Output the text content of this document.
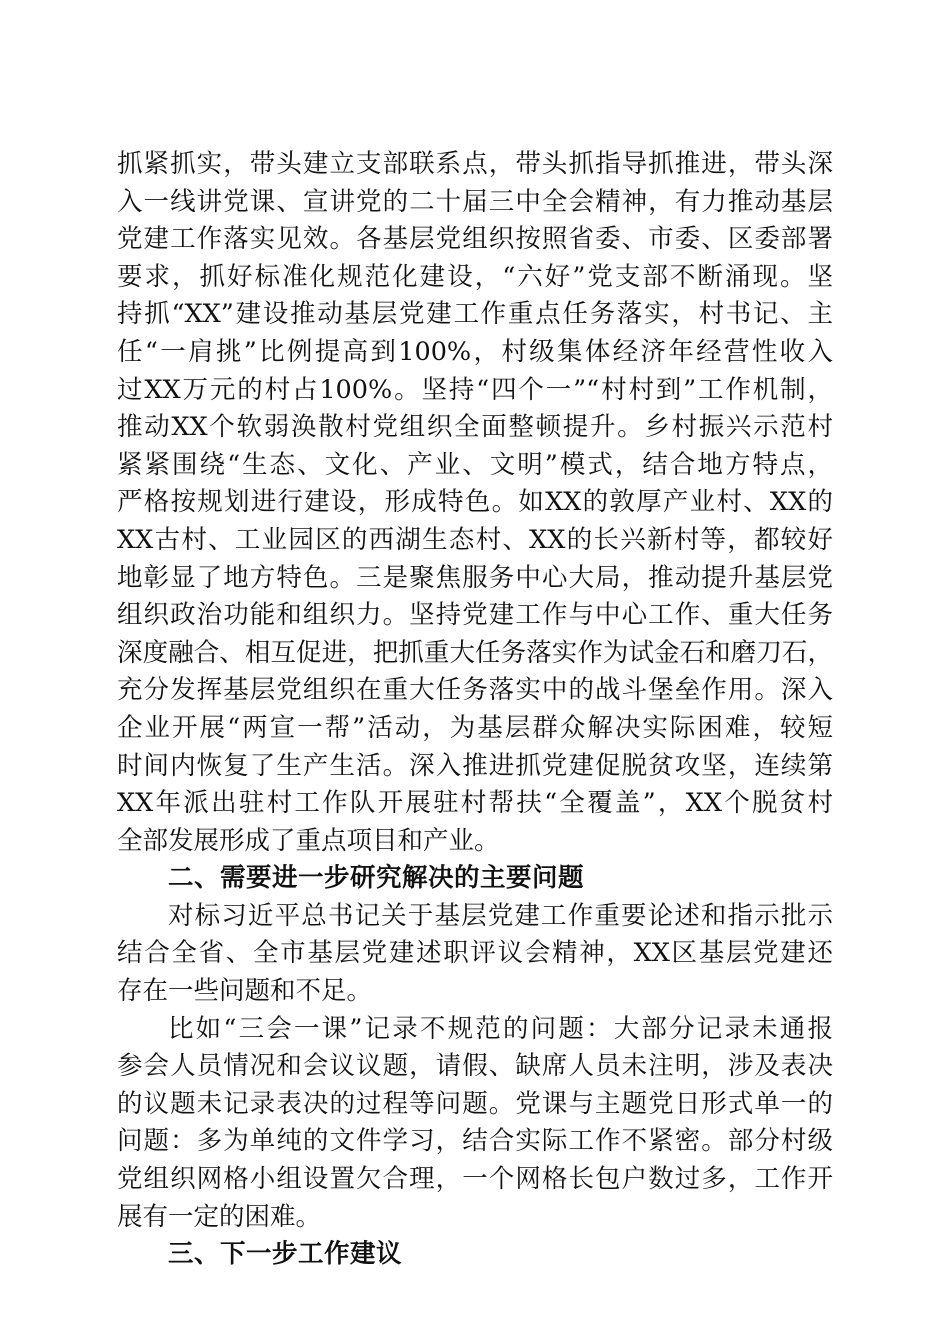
抓紧抓实，带头建立支部联系点，带头抓指导抓推进，带头深
入一线讲党课、宣讲党的二十届三中全会精神，有力推动基层
党建工作落实见效。各基层党组织按照省委、市委、区委部署
要求，抓好标准化规范化建设，“六好”党支部不断涌现。坚
持抓“XX”建设推动基层党建工作重点任务落实，村书记、主
任“一肩挑”比例提高到100%，村级集体经济年经营性收入
过XX万元的村占100%。坚持“四个一”“村村到”工作机制，
推动XX个软弱涣散村党组织全面整顿提升。乡村振兴示范村
紧紧围绕“生态、文化、产业、文明”模式，结合地方特点，
严格按规划进行建设，形成特色。如XX的敦厚产业村、XX的
XX古村、工业园区的西湖生态村、XX的长兴新村等，都较好
地彰显了地方特色。三是聚焦服务中心大局，推动提升基层党
组织政治功能和组织力。坚持党建工作与中心工作、重大任务
深度融合、相互促进，把抓重大任务落实作为试金石和磨刀石，
充分发挥基层党组织在重大任务落实中的战斗堡垒作用。深入
企业开展“两宣一帮”活动，为基层群众解决实际困难，较短
时间内恢复了生产生活。深入推进抓党建促脱贫攻坚，连续第
XX年派出驻村工作队开展驻村帮扶“全覆盖”，XX个脱贫村
全部发展形成了重点项目和产业。
二、需要进一步研究解决的主要问题
对标习近平总书记关于基层党建工作重要论述和指示批示
结合全省、全市基层党建述职评议会精神，XX区基层党建还
存在一些问题和不足。
比如“三会一课”记录不规范的问题：大部分记录未通报
参会人员情况和会议议题，请假、缺席人员未注明，涉及表决
的议题未记录表决的过程等问题。党课与主题党日形式单一的
问题：多为单纯的文件学习，结合实际工作不紧密。部分村级
党组织网格小组设置欠合理，一个网格长包户数过多，工作开
展有一定的困难。
三、下一步工作建议
